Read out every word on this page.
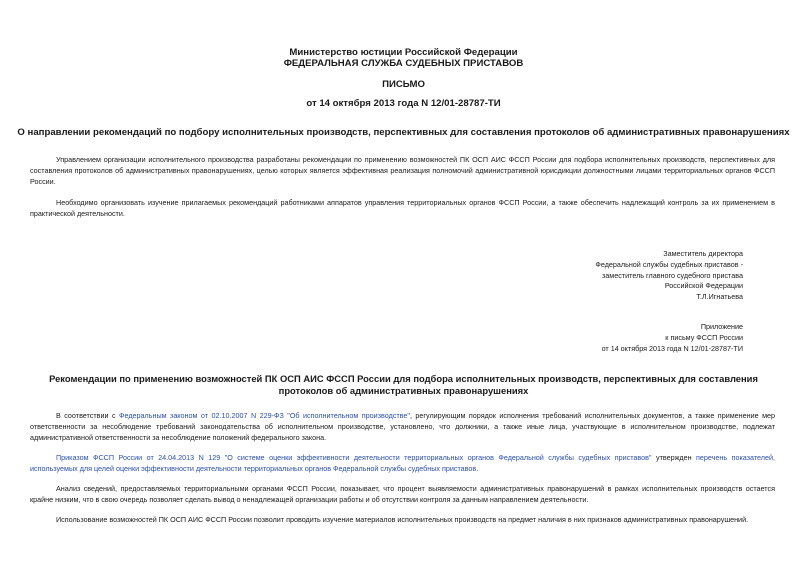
Министерство юстиции Российской Федерации
ФЕДЕРАЛЬНАЯ СЛУЖБА СУДЕБНЫХ ПРИСТАВОВ
ПИСЬМО
от 14 октября 2013 года N 12/01-28787-ТИ
О направлении рекомендаций по подбору исполнительных производств, перспективных для составления протоколов об административных правонарушениях
Управлением организации исполнительного производства разработаны рекомендации по применению возможностей ПК ОСП АИС ФССП России для подбора исполнительных производств, перспективных для составления протоколов об административных правонарушениях, целью которых является эффективная реализация полномочий административной юрисдикции должностными лицами территориальных органов ФССП России.
Необходимо организовать изучение прилагаемых рекомендаций работниками аппаратов управления территориальных органов ФССП России, а также обеспечить надлежащий контроль за их применением в практической деятельности.
Заместитель директора
Федеральной службы судебных приставов -
заместитель главного судебного пристава
Российской Федерации
Т.Л.Игнатьева
Приложение
к письму ФССП России
от 14 октября 2013 года N 12/01-28787-ТИ
Рекомендации по применению возможностей ПК ОСП АИС ФССП России для подбора исполнительных производств, перспективных для составления протоколов об административных правонарушениях
В соответствии с Федеральным законом от 02.10.2007 N 229-ФЗ "Об исполнительном производстве", регулирующим порядок исполнения требований исполнительных документов, а также применение мер ответственности за несоблюдение требований законодательства об исполнительном производстве, установлено, что должники, а также иные лица, участвующие в исполнительном производстве, подлежат административной ответственности за несоблюдение положений федерального закона.
Приказом ФССП России от 24.04.2013 N 129 "О системе оценки эффективности деятельности территориальных органов Федеральной службы судебных приставов" утвержден перечень показателей, используемых для целей оценки эффективности деятельности территориальных органов Федеральной службы судебных приставов.
Анализ сведений, предоставляемых территориальными органами ФССП России, показывает, что процент выявляемости административных правонарушений в рамках исполнительных производств остается крайне низким, что в свою очередь позволяет сделать вывод о ненадлежащей организации работы и об отсутствии контроля за данным направлением деятельности.
Использование возможностей ПК ОСП АИС ФССП России позволит проводить изучение материалов исполнительных производств на предмет наличия в них признаков административных правонарушений.
